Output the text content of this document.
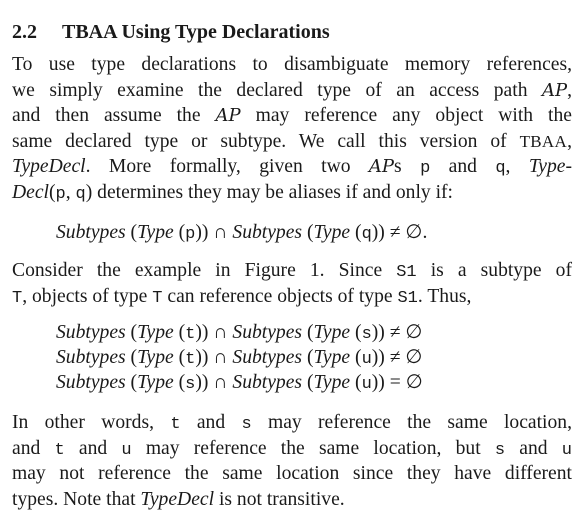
2.2 TBAA Using Type Declarations
To use type declarations to disambiguate memory references,
we simply examine the declared type of an access path AP,
and then assume the AP may reference any object with the
same declared type or subtype. We call this version of TBAA,
TypeDecl. More formally, given two APs p and q, Type-
Decl(p, q) determines they may be aliases if and only if:
Subtypes (Type (p)) ∩ Subtypes (Type (q)) ≠ ∅.
Consider the example in Figure 1. Since S1 is a subtype of
T, objects of type T can reference objects of type S1. Thus,
Subtypes (Type (t)) ∩ Subtypes (Type (s)) ≠ ∅
Subtypes (Type (t)) ∩ Subtypes (Type (u)) ≠ ∅
Subtypes (Type (s)) ∩ Subtypes (Type (u)) = ∅
In other words, t and s may reference the same location,
and t and u may reference the same location, but s and u
may not reference the same location since they have different
types. Note that TypeDecl is not transitive.
